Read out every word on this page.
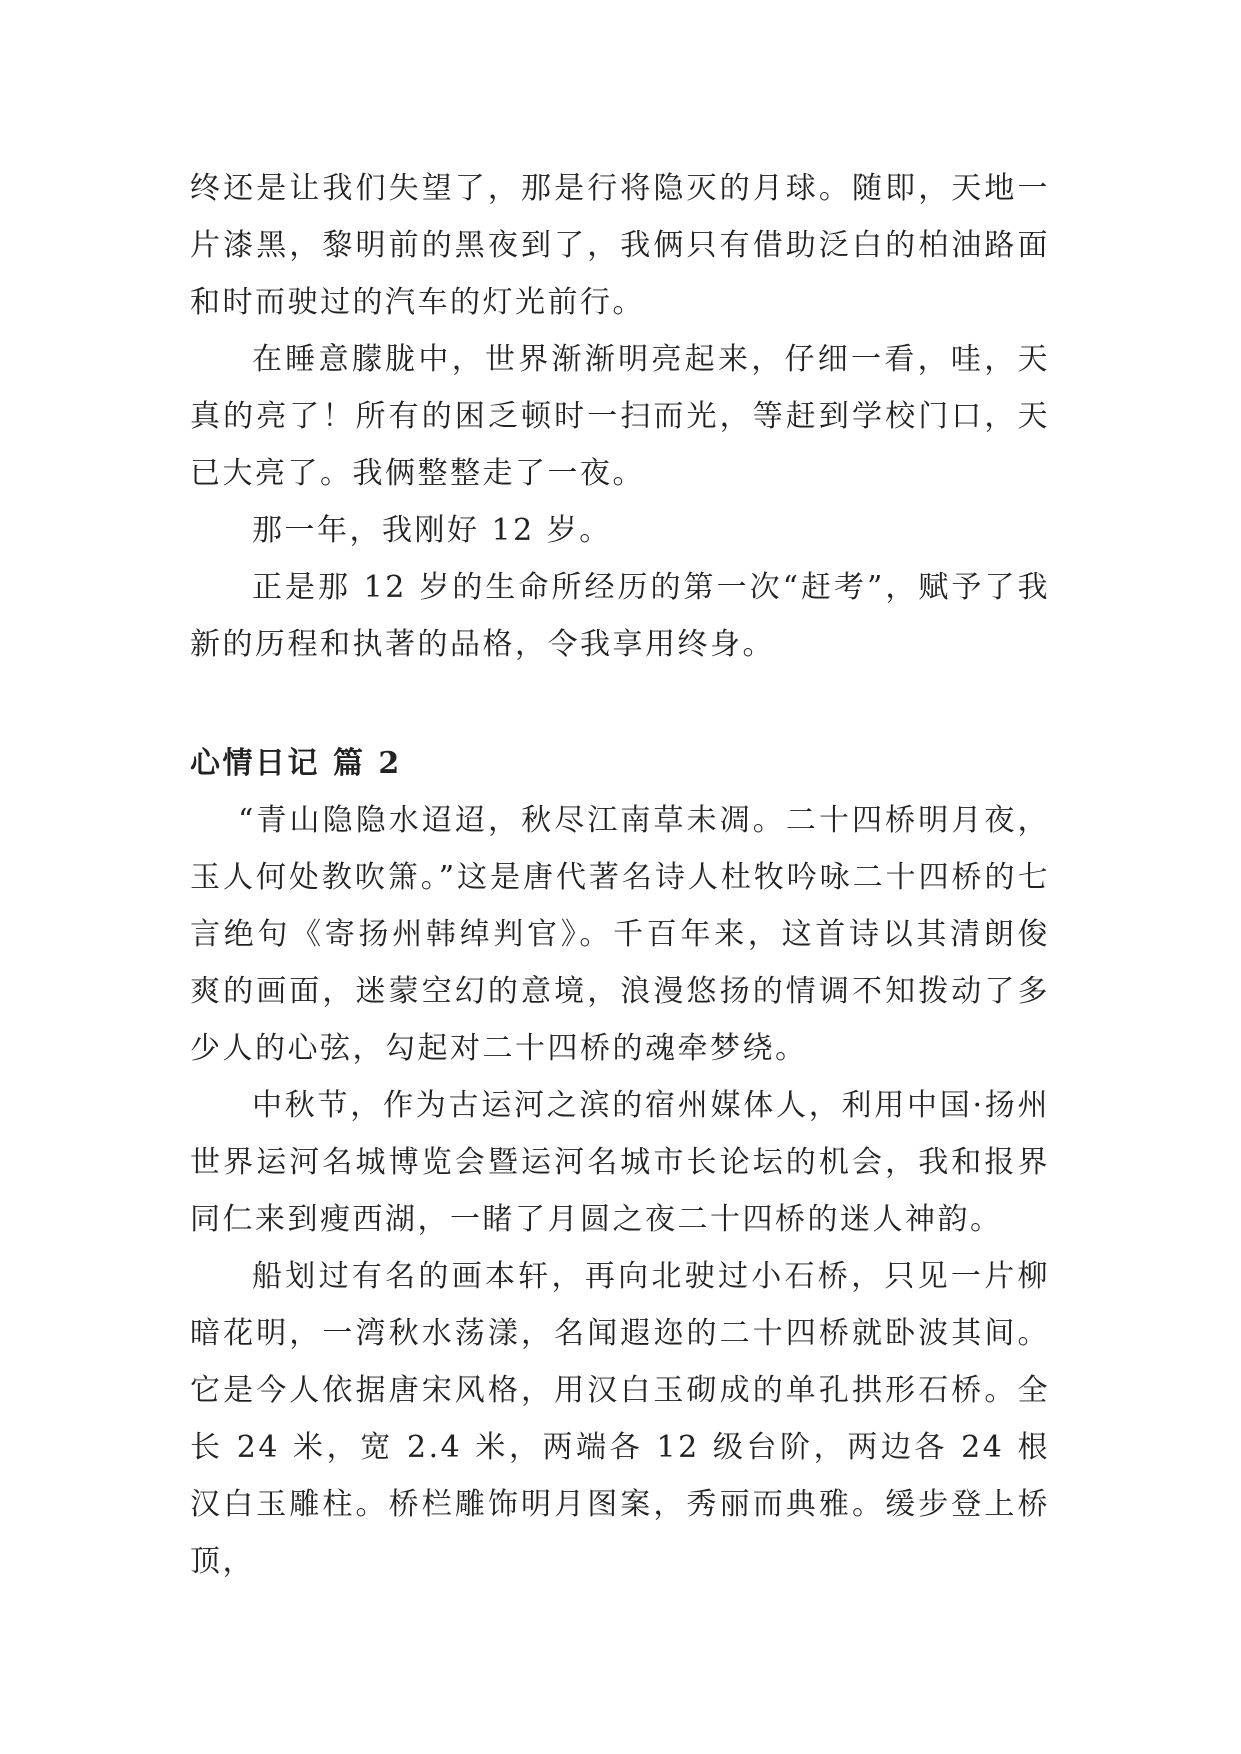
终还是让我们失望了，那是行将隐灭的月球。随即，天地一片漆黑，黎明前的黑夜到了，我俩只有借助泛白的柏油路面和时而驶过的汽车的灯光前行。

在睡意朦胧中，世界渐渐明亮起来，仔细一看，哇，天真的亮了！所有的困乏顿时一扫而光，等赶到学校门口，天已大亮了。我俩整整走了一夜。

那一年，我刚好 12 岁。

正是那 12 岁的生命所经历的第一次“赶考”，赋予了我新的历程和执著的品格，令我享用终身。

心情日记 篇 2

“青山隐隐水迢迢，秋尽江南草未凋。二十四桥明月夜，玉人何处教吹箫。”这是唐代著名诗人杜牧吟咏二十四桥的七言绝句《寄扬州韩绰判官》。千百年来，这首诗以其清朗俊爽的画面，迷蒙空幻的意境，浪漫悠扬的情调不知拨动了多少人的心弦，勾起对二十四桥的魂牵梦绕。

中秋节，作为古运河之滨的宿州媒体人，利用中国·扬州世界运河名城博览会暨运河名城市长论坛的机会，我和报界同仁来到瘦西湖，一睹了月圆之夜二十四桥的迷人神韵。

船划过有名的画本轩，再向北驶过小石桥，只见一片柳暗花明，一湾秋水荡漾，名闻遐迩的二十四桥就卧波其间。它是今人依据唐宋风格，用汉白玉砌成的单孔拱形石桥。全长 24 米，宽 2.4 米，两端各 12 级台阶，两边各 24 根汉白玉雕柱。桥栏雕饰明月图案，秀丽而典雅。缓步登上桥顶，
